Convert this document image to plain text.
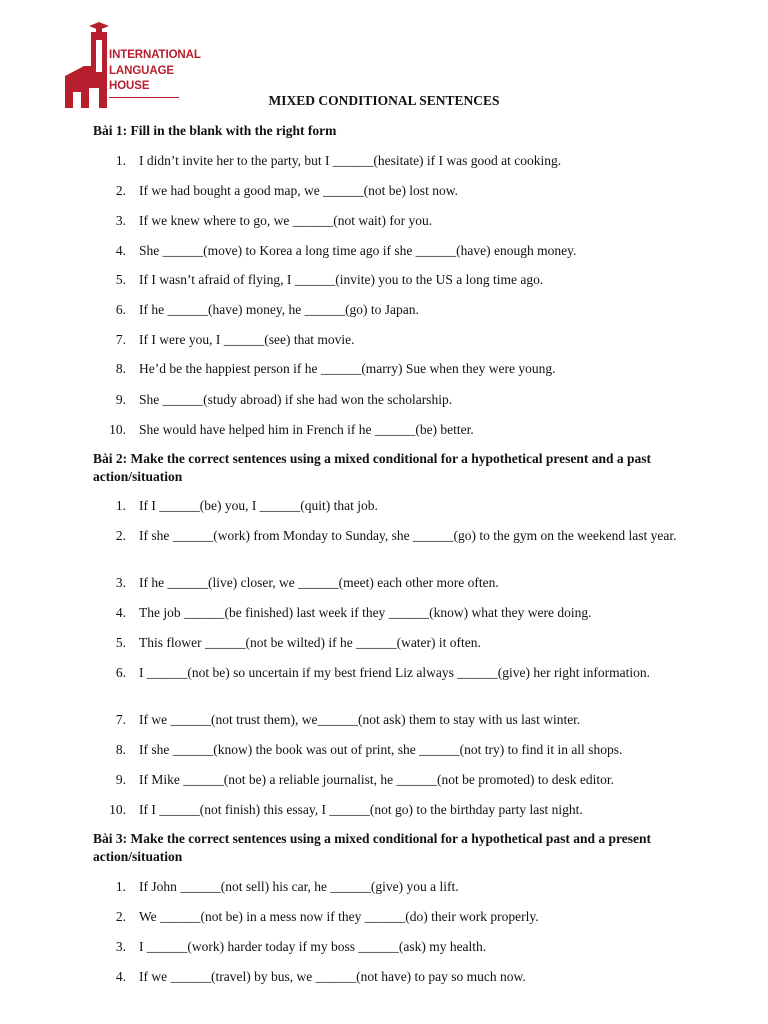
INTERNATIONAL
LANGUAGE
HOUSE
MIXED CONDITIONAL SENTENCES
Bài 1: Fill in the blank with the right form
1. I didn’t invite her to the party, but I ______(hesitate) if I was good at cooking.
2. If we had bought a good map, we ______(not be) lost now.
3. If we knew where to go, we ______(not wait) for you.
4. She ______(move) to Korea a long time ago if she ______(have) enough money.
5. If I wasn’t afraid of flying, I ______(invite) you to the US a long time ago.
6. If he ______(have) money, he ______(go) to Japan.
7. If I were you, I ______(see) that movie.
8. He’d be the happiest person if he ______(marry) Sue when they were young.
9. She ______(study abroad) if she had won the scholarship.
10. She would have helped him in French if he ______(be) better.
Bài 2: Make the correct sentences using a mixed conditional for a hypothetical present and a past action/situation
1. If I ______(be) you, I ______(quit) that job.
2. If she ______(work) from Monday to Sunday, she ______(go) to the gym on the weekend last year.
3. If he ______(live) closer, we ______(meet) each other more often.
4. The job ______(be finished) last week if they ______(know) what they were doing.
5. This flower ______(not be wilted) if he ______(water) it often.
6. I ______(not be) so uncertain if my best friend Liz always ______(give) her right information.
7. If we ______(not trust them), we______(not ask) them to stay with us last winter.
8. If she ______(know) the book was out of print, she ______(not try) to find it in all shops.
9. If Mike ______(not be) a reliable journalist, he ______(not be promoted) to desk editor.
10. If I ______(not finish) this essay, I ______(not go) to the birthday party last night.
Bài 3: Make the correct sentences using a mixed conditional for a hypothetical past and a present action/situation
1. If John ______(not sell) his car, he ______(give) you a lift.
2. We ______(not be) in a mess now if they ______(do) their work properly.
3. I ______(work) harder today if my boss ______(ask) my health.
4. If we ______(travel) by bus, we ______(not have) to pay so much now.
